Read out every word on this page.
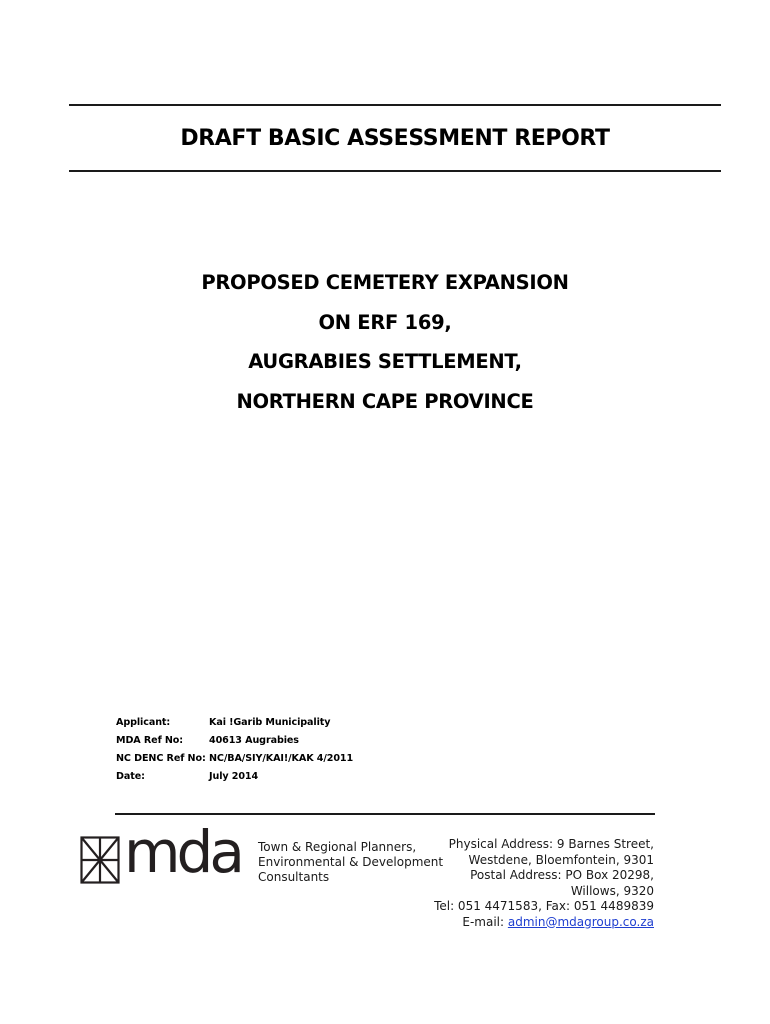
DRAFT BASIC ASSESSMENT REPORT
PROPOSED CEMETERY EXPANSION
ON ERF 169,
AUGRABIES SETTLEMENT,
NORTHERN CAPE PROVINCE
Applicant:	Kai !Garib Municipality
MDA Ref No:	40613 Augrabies
NC DENC Ref No: NC/BA/SIY/KAI!/KAK 4/2011
Date:	July 2014
mda Town & Regional Planners,
Environmental & Development
Consultants
Physical Address: 9 Barnes Street,
Westdene, Bloemfontein, 9301
Postal Address: PO Box 20298,
Willows, 9320
Tel: 051 4471583, Fax: 051 4489839
E-mail: admin@mdagroup.co.za
